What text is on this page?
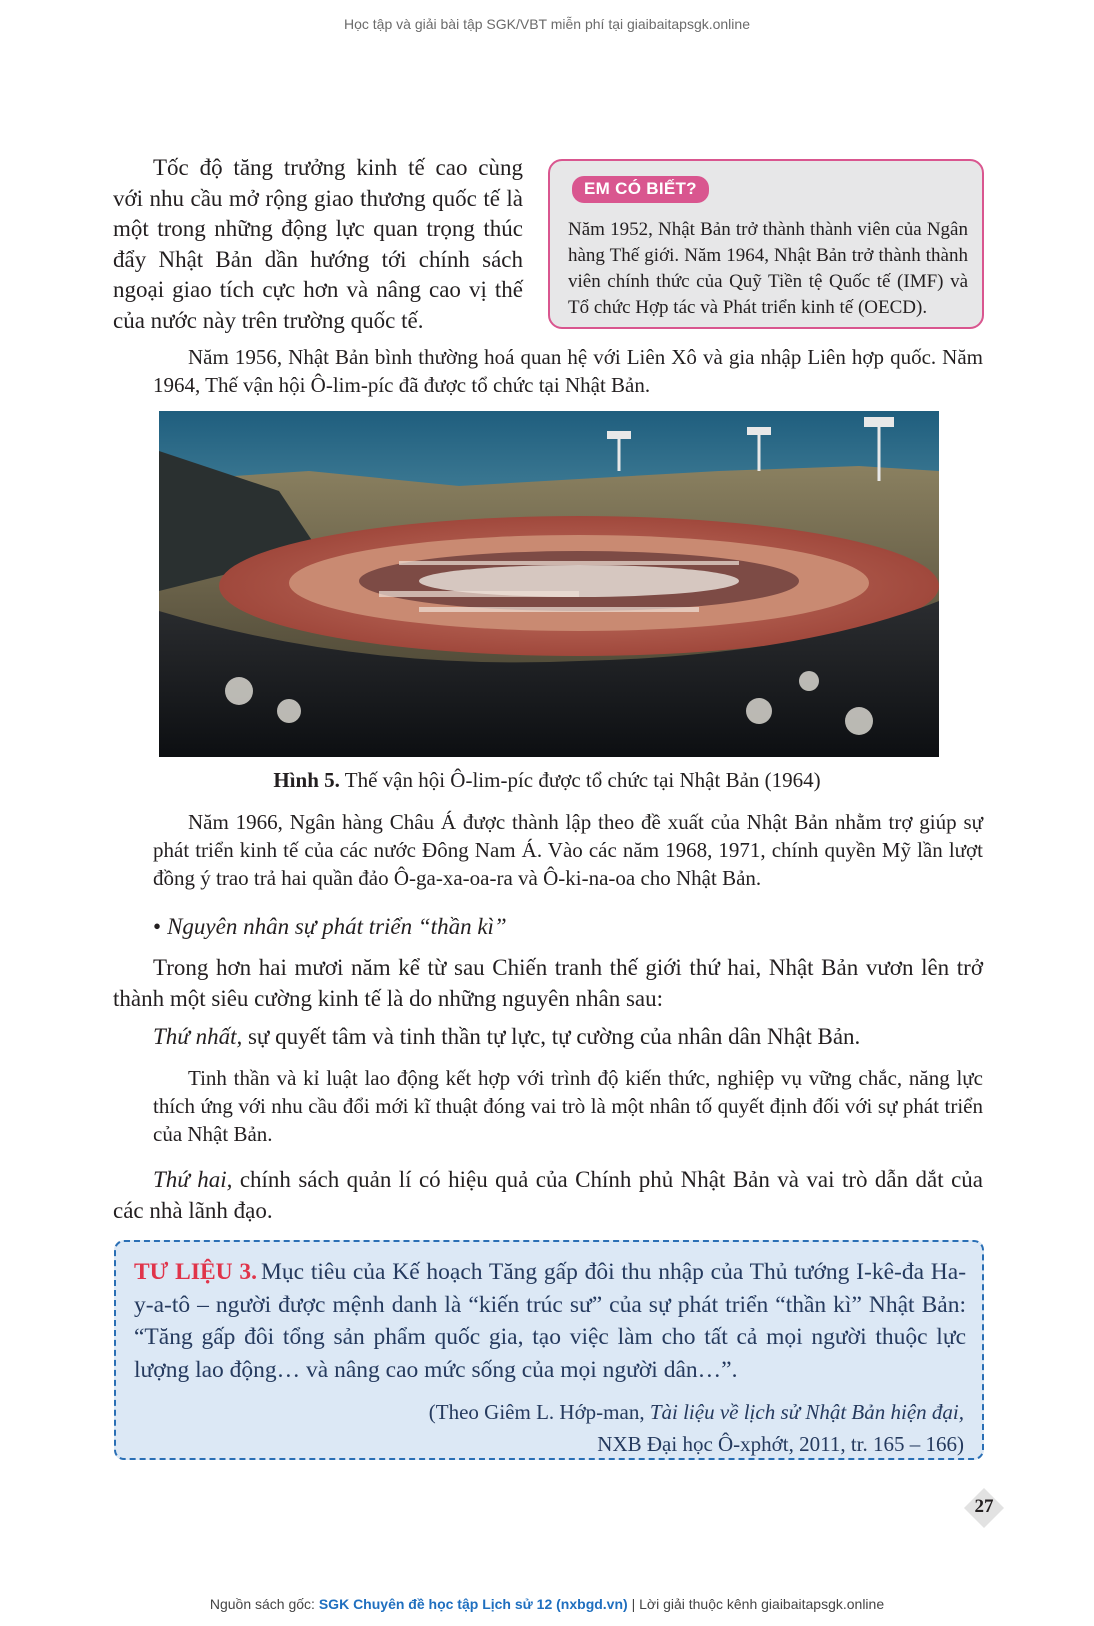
Học tập và giải bài tập SGK/VBT miễn phí tại giaibaitapsgk.online

Tốc độ tăng trưởng kinh tế cao cùng với nhu cầu mở rộng giao thương quốc tế là một trong những động lực quan trọng thúc đẩy Nhật Bản dần hướng tới chính sách ngoại giao tích cực hơn và nâng cao vị thế của nước này trên trường quốc tế.

EM CÓ BIẾT?
Năm 1952, Nhật Bản trở thành thành viên của Ngân hàng Thế giới. Năm 1964, Nhật Bản trở thành thành viên chính thức của Quỹ Tiền tệ Quốc tế (IMF) và Tổ chức Hợp tác và Phát triển kinh tế (OECD).

Năm 1956, Nhật Bản bình thường hoá quan hệ với Liên Xô và gia nhập Liên hợp quốc. Năm 1964, Thế vận hội Ô-lim-píc đã được tổ chức tại Nhật Bản.

Hình 5. Thế vận hội Ô-lim-píc được tổ chức tại Nhật Bản (1964)

Năm 1966, Ngân hàng Châu Á được thành lập theo đề xuất của Nhật Bản nhằm trợ giúp sự phát triển kinh tế của các nước Đông Nam Á. Vào các năm 1968, 1971, chính quyền Mỹ lần lượt đồng ý trao trả hai quần đảo Ô-ga-xa-oa-ra và Ô-ki-na-oa cho Nhật Bản.

• Nguyên nhân sự phát triển “thần kì”

Trong hơn hai mươi năm kể từ sau Chiến tranh thế giới thứ hai, Nhật Bản vươn lên trở thành một siêu cường kinh tế là do những nguyên nhân sau:

Thứ nhất, sự quyết tâm và tinh thần tự lực, tự cường của nhân dân Nhật Bản.

Tinh thần và kỉ luật lao động kết hợp với trình độ kiến thức, nghiệp vụ vững chắc, năng lực thích ứng với nhu cầu đổi mới kĩ thuật đóng vai trò là một nhân tố quyết định đối với sự phát triển của Nhật Bản.

Thứ hai, chính sách quản lí có hiệu quả của Chính phủ Nhật Bản và vai trò dẫn dắt của các nhà lãnh đạo.

TƯ LIỆU 3. Mục tiêu của Kế hoạch Tăng gấp đôi thu nhập của Thủ tướng I-kê-đa Ha-y-a-tô – người được mệnh danh là “kiến trúc sư” của sự phát triển “thần kì” Nhật Bản: “Tăng gấp đôi tổng sản phẩm quốc gia, tạo việc làm cho tất cả mọi người thuộc lực lượng lao động… và nâng cao mức sống của mọi người dân…”.
(Theo Giêm L. Hớp-man, Tài liệu về lịch sử Nhật Bản hiện đại,
NXB Đại học Ô-xphớt, 2011, tr. 165 – 166)
27
Nguồn sách gốc: SGK Chuyên đề học tập Lịch sử 12 (nxbgd.vn) | Lời giải thuộc kênh giaibaitapsgk.online
